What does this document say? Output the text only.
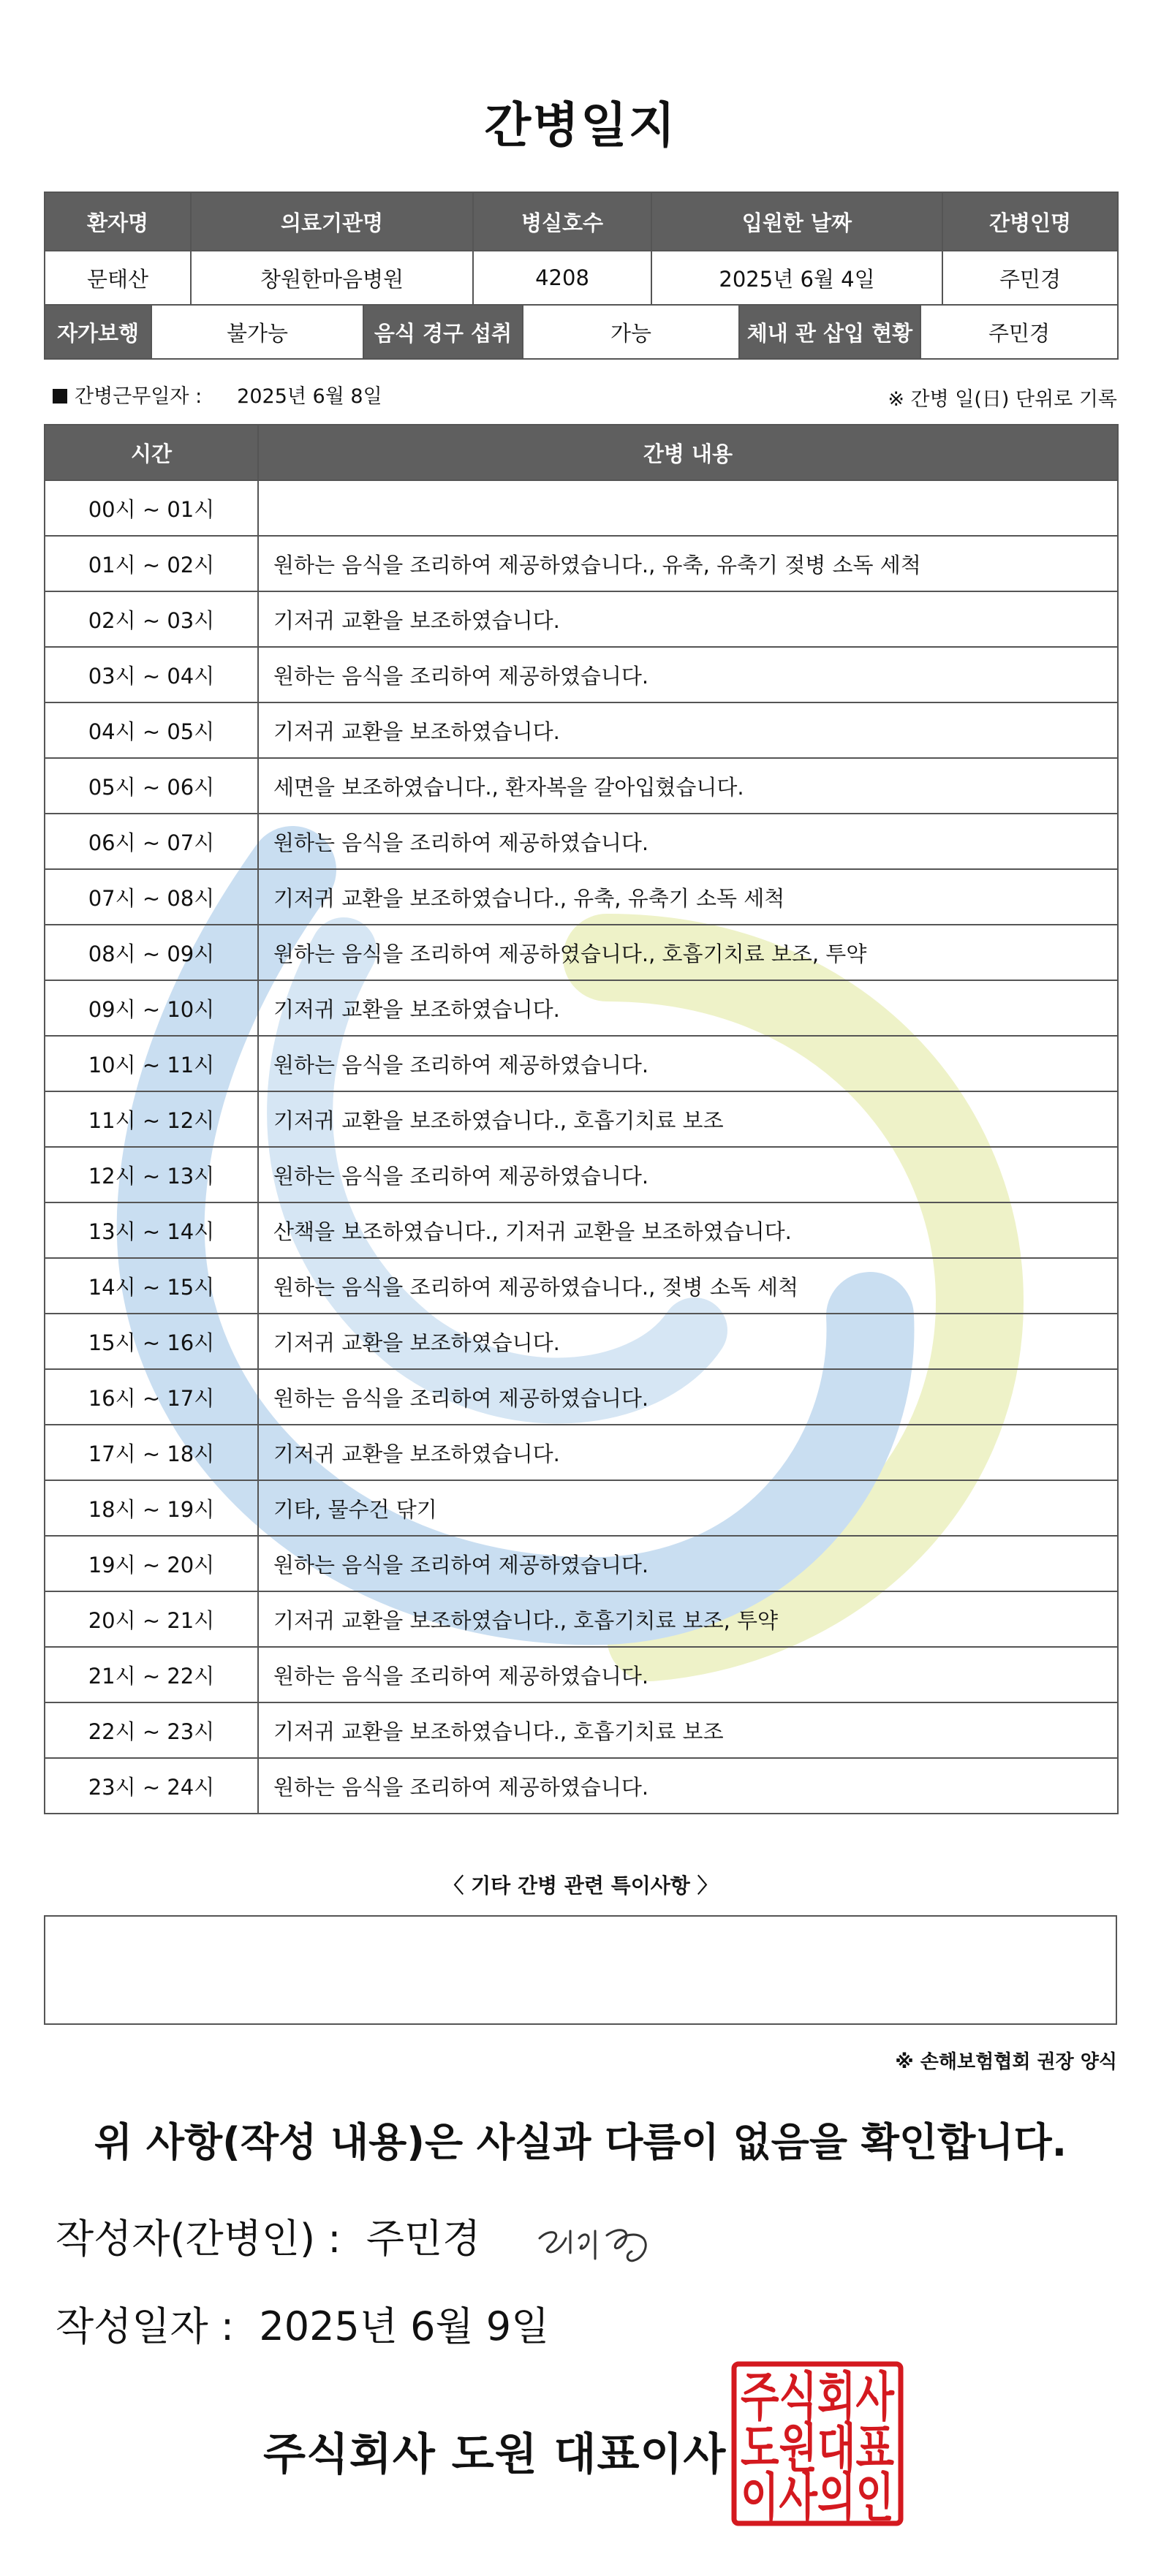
간병일지
환자명	의료기관명	병실호수	입원한 날짜	간병인명
문태산	창원한마음병원	4208	2025년 6월 4일	주민경
자가보행	불가능	음식 경구 섭취	가능	체내 관 삽입 현황	주민경
간병근무일자 : 2025년 6월 8일	※ 간병 일(日) 단위로 기록
시간	간병 내용
00시 ~ 01시	
01시 ~ 02시	원하는 음식을 조리하여 제공하였습니다., 유축, 유축기 젖병 소독 세척
02시 ~ 03시	기저귀 교환을 보조하였습니다.
03시 ~ 04시	원하는 음식을 조리하여 제공하였습니다.
04시 ~ 05시	기저귀 교환을 보조하였습니다.
05시 ~ 06시	세면을 보조하였습니다., 환자복을 갈아입혔습니다.
06시 ~ 07시	원하는 음식을 조리하여 제공하였습니다.
07시 ~ 08시	기저귀 교환을 보조하였습니다., 유축, 유축기 소독 세척
08시 ~ 09시	원하는 음식을 조리하여 제공하였습니다., 호흡기치료 보조, 투약
09시 ~ 10시	기저귀 교환을 보조하였습니다.
10시 ~ 11시	원하는 음식을 조리하여 제공하였습니다.
11시 ~ 12시	기저귀 교환을 보조하였습니다., 호흡기치료 보조
12시 ~ 13시	원하는 음식을 조리하여 제공하였습니다.
13시 ~ 14시	산책을 보조하였습니다., 기저귀 교환을 보조하였습니다.
14시 ~ 15시	원하는 음식을 조리하여 제공하였습니다., 젖병 소독 세척
15시 ~ 16시	기저귀 교환을 보조하였습니다.
16시 ~ 17시	원하는 음식을 조리하여 제공하였습니다.
17시 ~ 18시	기저귀 교환을 보조하였습니다.
18시 ~ 19시	기타, 물수건 닦기
19시 ~ 20시	원하는 음식을 조리하여 제공하였습니다.
20시 ~ 21시	기저귀 교환을 보조하였습니다., 호흡기치료 보조, 투약
21시 ~ 22시	원하는 음식을 조리하여 제공하였습니다.
22시 ~ 23시	기저귀 교환을 보조하였습니다., 호흡기치료 보조
23시 ~ 24시	원하는 음식을 조리하여 제공하였습니다.
〈 기타 간병 관련 특이사항 〉
※ 손해보험협회 권장 양식
위 사항(작성 내용)은 사실과 다름이 없음을 확인합니다.
작성자(간병인) : 주민경
작성일자 : 2025년 6월 9일
주식회사 도원 대표이사
주식회사
도원대표
이사의인
